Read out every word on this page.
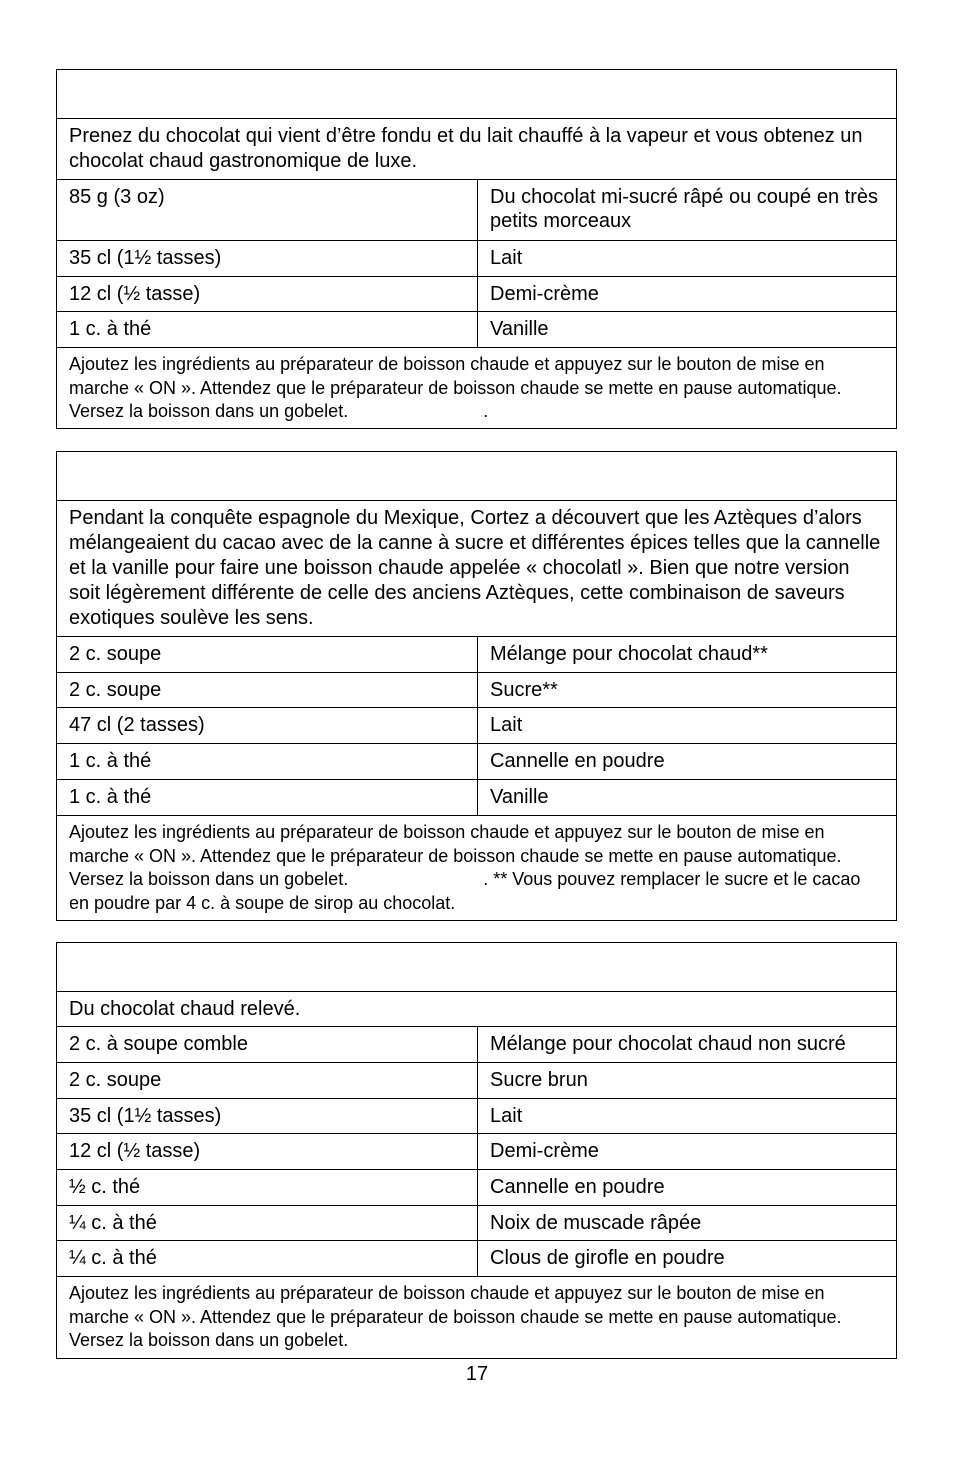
Prenez du chocolat qui vient d’être fondu et du lait chauffé à la vapeur et vous obtenez un chocolat chaud gastronomique de luxe.
85 g (3 oz)	Du chocolat mi-sucré râpé ou coupé en très petits morceaux
35 cl (1½ tasses)	Lait
12 cl (½ tasse)	Demi-crème
1 c. à thé	Vanille
Ajoutez les ingrédients au préparateur de boisson chaude et appuyez sur le bouton de mise en marche « ON ». Attendez que le préparateur de boisson chaude se mette en pause automatique. Versez la boisson dans un gobelet.                           .
Pendant la conquête espagnole du Mexique, Cortez a découvert que les Aztèques d’alors mélangeaient du cacao avec de la canne à sucre et différentes épices telles que la cannelle et la vanille pour faire une boisson chaude appelée « chocolatl ». Bien que notre version soit légèrement différente de celle des anciens Aztèques, cette combinaison de saveurs exotiques soulève les sens.
2 c. soupe	Mélange pour chocolat chaud**
2 c. soupe	Sucre**
47 cl (2 tasses)	Lait
1 c. à thé	Cannelle en poudre
1 c. à thé	Vanille
Ajoutez les ingrédients au préparateur de boisson chaude et appuyez sur le bouton de mise en marche « ON ». Attendez que le préparateur de boisson chaude se mette en pause automatique. Versez la boisson dans un gobelet.                           . ** Vous pouvez remplacer le sucre et le cacao en poudre par 4 c. à soupe de sirop au chocolat.
Du chocolat chaud relevé.
2 c. à soupe comble	Mélange pour chocolat chaud non sucré
2 c. soupe	Sucre brun
35 cl (1½ tasses)	Lait
12 cl (½ tasse)	Demi-crème
½ c. thé	Cannelle en poudre
¼ c. à thé	Noix de muscade râpée
¼ c. à thé	Clous de girofle en poudre
Ajoutez les ingrédients au préparateur de boisson chaude et appuyez sur le bouton de mise en marche « ON ». Attendez que le préparateur de boisson chaude se mette en pause automatique. Versez la boisson dans un gobelet.
17
